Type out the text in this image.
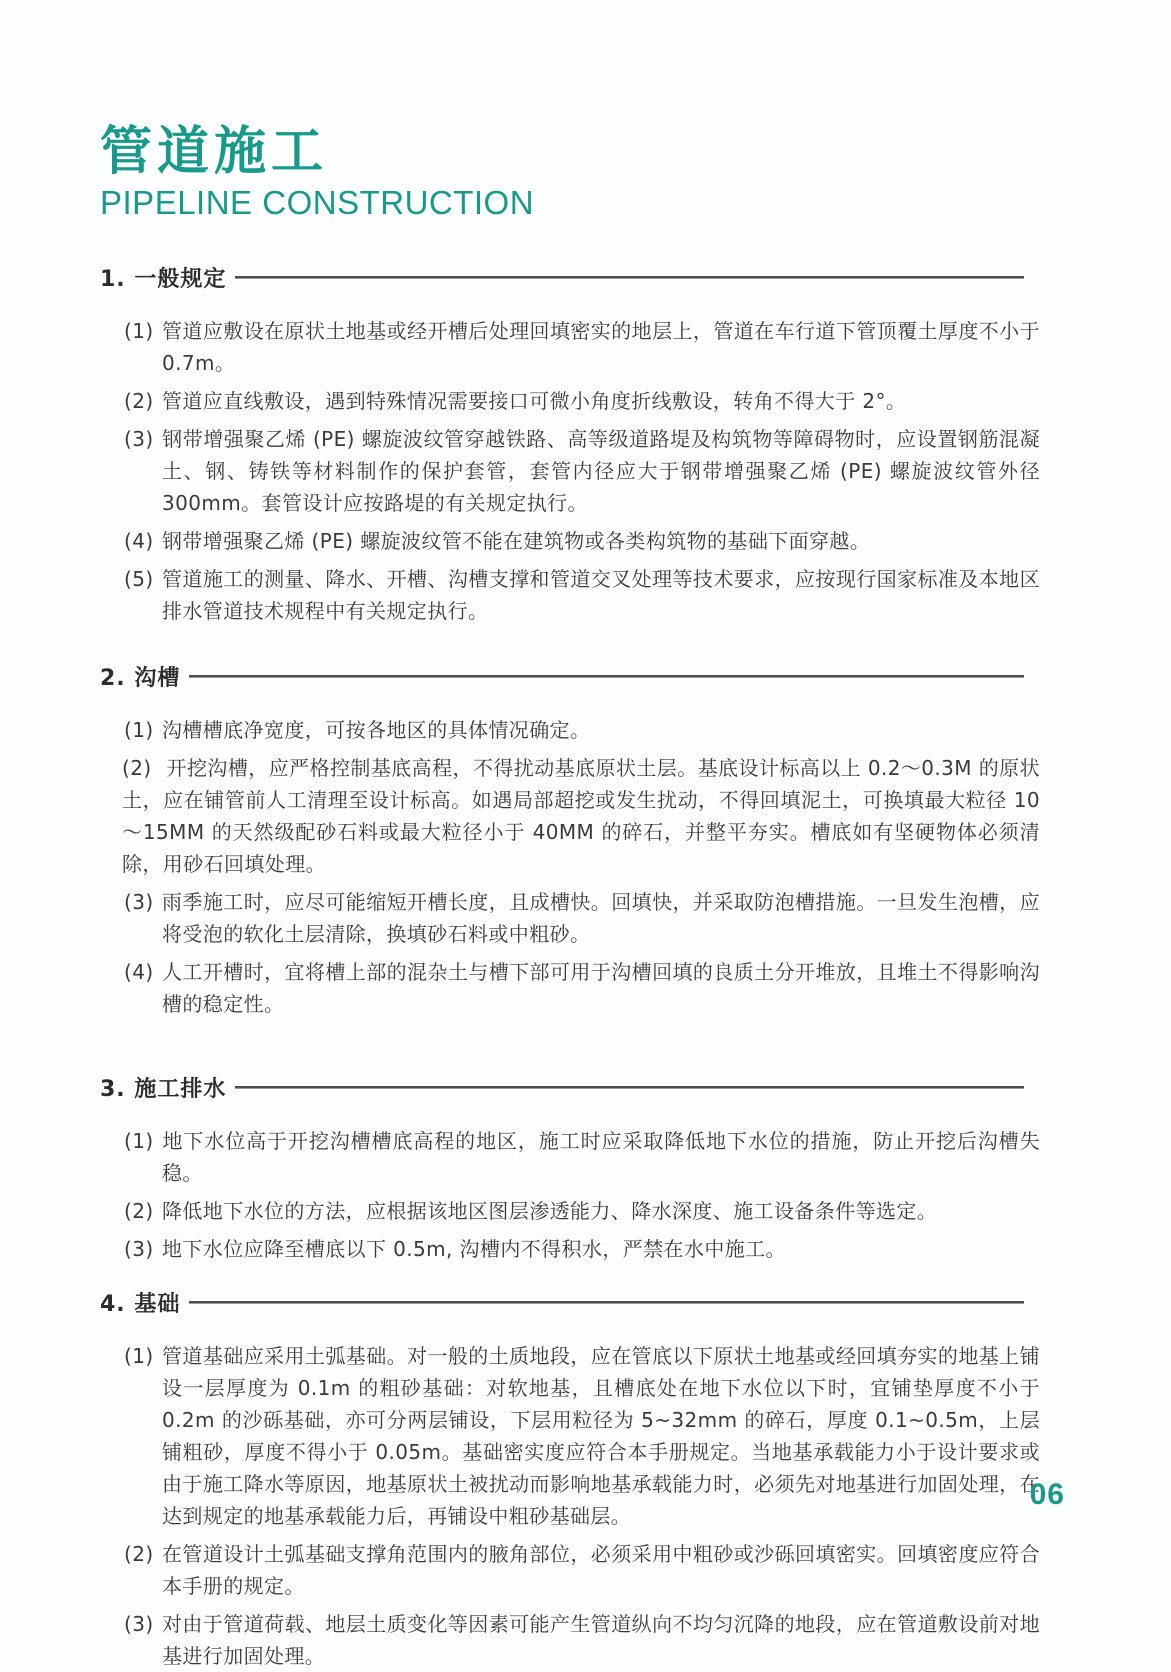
管道施工
PIPELINE CONSTRUCTION
1. 一般规定

(1) 管道应敷设在原状土地基或经开槽后处理回填密实的地层上，管道在车行道下管顶覆土厚度不小于 0.7m。

(2) 管道应直线敷设，遇到特殊情况需要接口可微小角度折线敷设，转角不得大于 2°。

(3) 钢带增强聚乙烯 (PE) 螺旋波纹管穿越铁路、高等级道路堤及构筑物等障碍物时，应设置钢筋混凝土、钢、铸铁等材料制作的保护套管，套管内径应大于钢带增强聚乙烯 (PE) 螺旋波纹管外径 300mm。套管设计应按路堤的有关规定执行。

(4) 钢带增强聚乙烯 (PE) 螺旋波纹管不能在建筑物或各类构筑物的基础下面穿越。

(5) 管道施工的测量、降水、开槽、沟槽支撑和管道交叉处理等技术要求，应按现行国家标准及本地区排水管道技术规程中有关规定执行。

2. 沟槽

(1) 沟槽槽底净宽度，可按各地区的具体情况确定。

(2) 开挖沟槽，应严格控制基底高程，不得扰动基底原状土层。基底设计标高以上 0.2～0.3M 的原状土，应在铺管前人工清理至设计标高。如遇局部超挖或发生扰动，不得回填泥土，可换填最大粒径 10～15MM 的天然级配砂石料或最大粒径小于 40MM 的碎石，并整平夯实。槽底如有坚硬物体必须清除，用砂石回填处理。

(3) 雨季施工时，应尽可能缩短开槽长度，且成槽快。回填快，并采取防泡槽措施。一旦发生泡槽，应将受泡的软化土层清除，换填砂石料或中粗砂。

(4) 人工开槽时，宜将槽上部的混杂土与槽下部可用于沟槽回填的良质土分开堆放，且堆土不得影响沟槽的稳定性。

3. 施工排水

(1) 地下水位高于开挖沟槽槽底高程的地区，施工时应采取降低地下水位的措施，防止开挖后沟槽失稳。

(2) 降低地下水位的方法，应根据该地区图层渗透能力、降水深度、施工设备条件等选定。

(3) 地下水位应降至槽底以下 0.5m, 沟槽内不得积水，严禁在水中施工。

4. 基础

(1) 管道基础应采用土弧基础。对一般的土质地段，应在管底以下原状土地基或经回填夯实的地基上铺设一层厚度为 0.1m 的粗砂基础：对软地基，且槽底处在地下水位以下时，宜铺垫厚度不小于 0.2m 的沙砾基础，亦可分两层铺设，下层用粒径为 5~32mm 的碎石，厚度 0.1~0.5m，上层铺粗砂，厚度不得小于 0.05m。基础密实度应符合本手册规定。当地基承载能力小于设计要求或由于施工降水等原因，地基原状土被扰动而影响地基承载能力时，必须先对地基进行加固处理，在达到规定的地基承载能力后，再铺设中粗砂基础层。

(2) 在管道设计土弧基础支撑角范围内的腋角部位，必须采用中粗砂或沙砾回填密实。回填密度应符合本手册的规定。

(3) 对由于管道荷载、地层土质变化等因素可能产生管道纵向不均匀沉降的地段，应在管道敷设前对地基进行加固处理。

06
